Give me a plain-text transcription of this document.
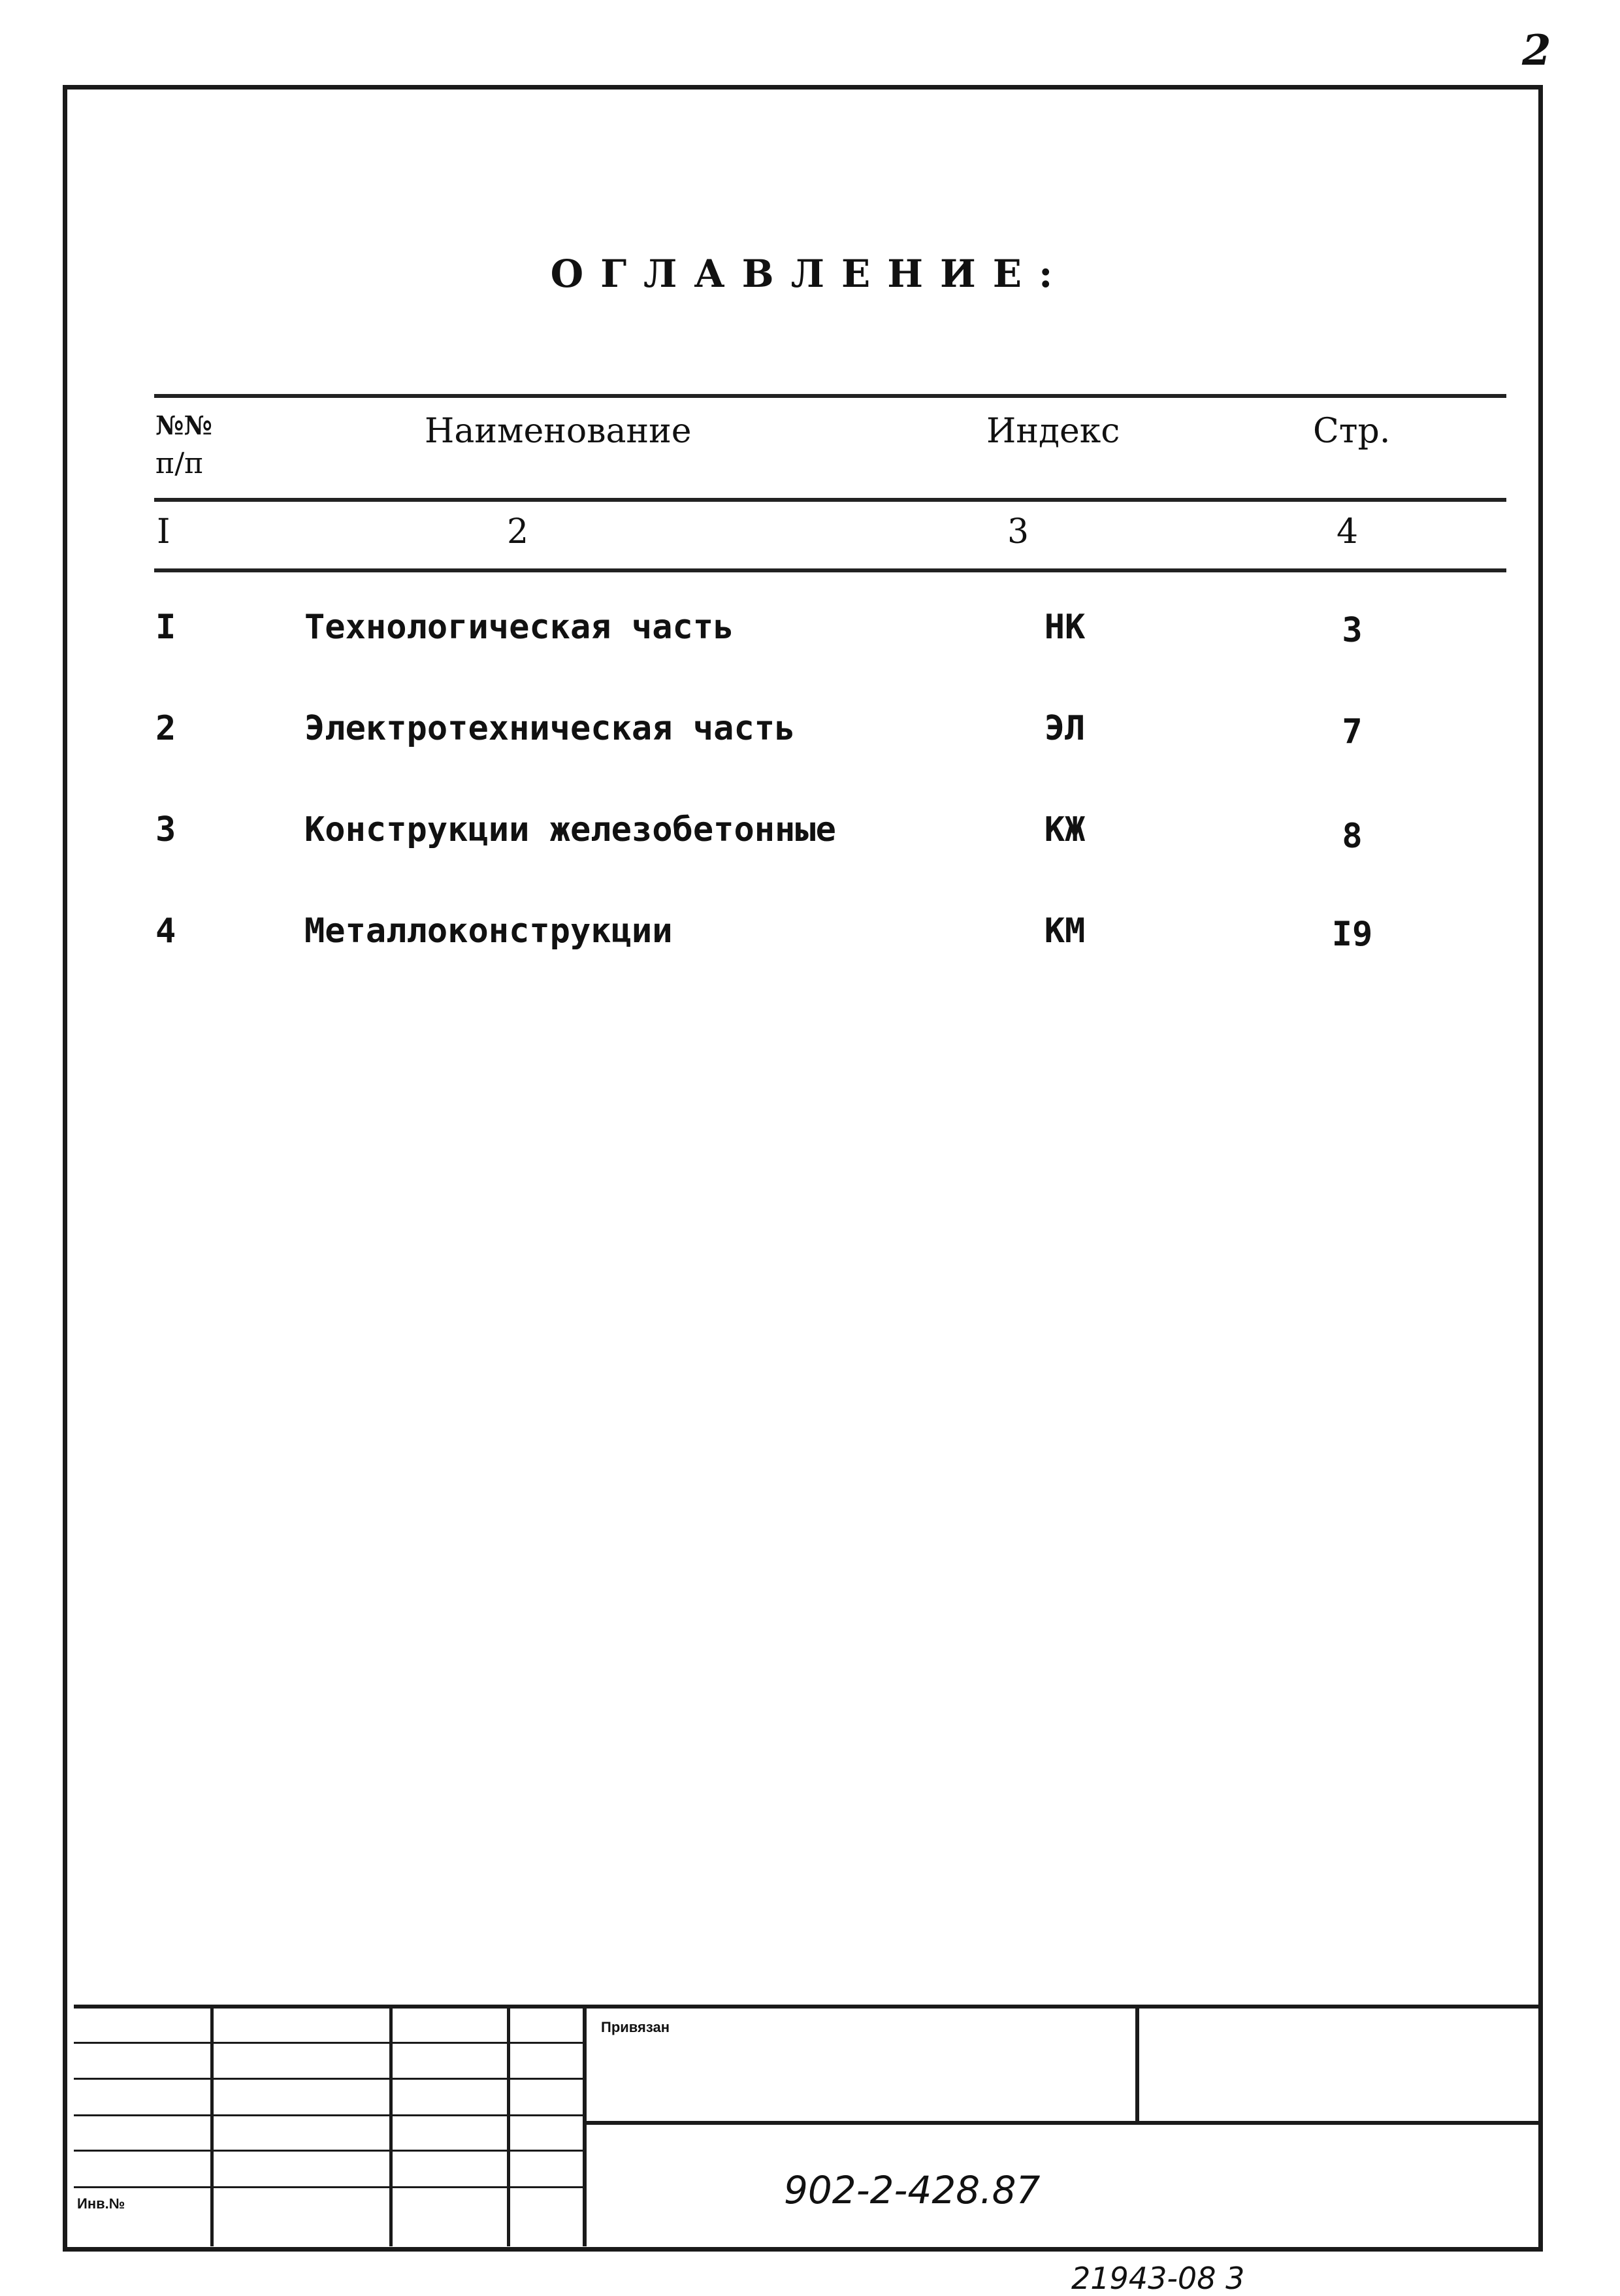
2
ОГЛАВЛЕНИЕ:
№№
п/п
Наименование	Индекс	Стр.
I	2	3	4
I	Технологическая часть	НК	3
2	Электротехническая часть	ЭЛ	7
3	Конструкции железобетонные	КЖ	8
4	Металлоконструкции	КМ	I9
Привязан
Инв.№	902-2-428.87
21943-08 3
